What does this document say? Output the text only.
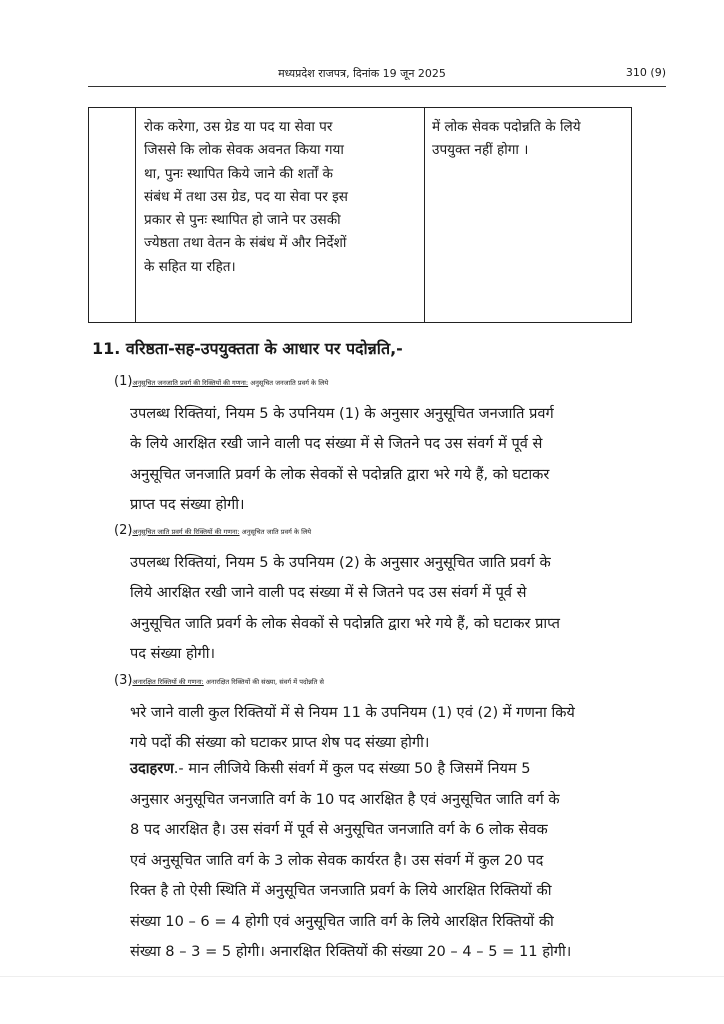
मध्यप्रदेश राजपत्र, दिनांक 19 जून 2025	310 (9)
रोक करेगा, उस ग्रेड या पद या सेवा पर
जिससे कि लोक सेवक अवनत किया गया
था, पुनः स्थापित किये जाने की शर्तों के
संबंध में तथा उस ग्रेड, पद या सेवा पर इस
प्रकार से पुनः स्थापित हो जाने पर उसकी
ज्येष्ठता तथा वेतन के संबंध में और निर्देशों
के सहित या रहित।
में लोक सेवक पदोन्नति के लिये
उपयुक्त नहीं होगा ।
11. वरिष्ठता-सह-उपयुक्तता के आधार पर पदोन्नति,-
(1)अनुसूचित जनजाति प्रवर्ग की रिक्तियों की गणना: अनुसूचित जनजाति प्रवर्ग के लिये
उपलब्ध रिक्तियां, नियम 5 के उपनियम (1) के अनुसार अनुसूचित जनजाति प्रवर्ग
के लिये आरक्षित रखी जाने वाली पद संख्या में से जितने पद उस संवर्ग में पूर्व से
अनुसूचित जनजाति प्रवर्ग के लोक सेवकों से पदोन्नति द्वारा भरे गये हैं, को घटाकर
प्राप्त पद संख्या होगी।
(2)अनुसूचित जाति प्रवर्ग की रिक्तियों की गणना: अनुसूचित जाति प्रवर्ग के लिये
उपलब्ध रिक्तियां, नियम 5 के उपनियम (2) के अनुसार अनुसूचित जाति प्रवर्ग के
लिये आरक्षित रखी जाने वाली पद संख्या में से जितने पद उस संवर्ग में पूर्व से
अनुसूचित जाति प्रवर्ग के लोक सेवकों से पदोन्नति द्वारा भरे गये हैं, को घटाकर प्राप्त
पद संख्या होगी।
(3)अनारक्षित रिक्तियों की गणना: अनारक्षित रिक्तियों की संख्या, संवर्ग में पदोन्नति से
भरे जाने वाली कुल रिक्तियों में से नियम 11 के उपनियम (1) एवं (2) में गणना किये
गये पदों की संख्या को घटाकर प्राप्त शेष पद संख्या होगी।
उदाहरण.- मान लीजिये किसी संवर्ग में कुल पद संख्या 50 है जिसमें नियम 5
अनुसार अनुसूचित जनजाति वर्ग के 10 पद आरक्षित है एवं अनुसूचित जाति वर्ग के
8 पद आरक्षित है। उस संवर्ग में पूर्व से अनुसूचित जनजाति वर्ग के 6 लोक सेवक
एवं अनुसूचित जाति वर्ग के 3 लोक सेवक कार्यरत है। उस संवर्ग में कुल 20 पद
रिक्त है तो ऐसी स्थिति में अनुसूचित जनजाति प्रवर्ग के लिये आरक्षित रिक्तियों की
संख्या 10 – 6 = 4 होगी एवं अनुसूचित जाति वर्ग के लिये आरक्षित रिक्तियों की
संख्या 8 – 3 = 5 होगी। अनारक्षित रिक्तियों की संख्या 20 – 4 – 5 = 11 होगी।
